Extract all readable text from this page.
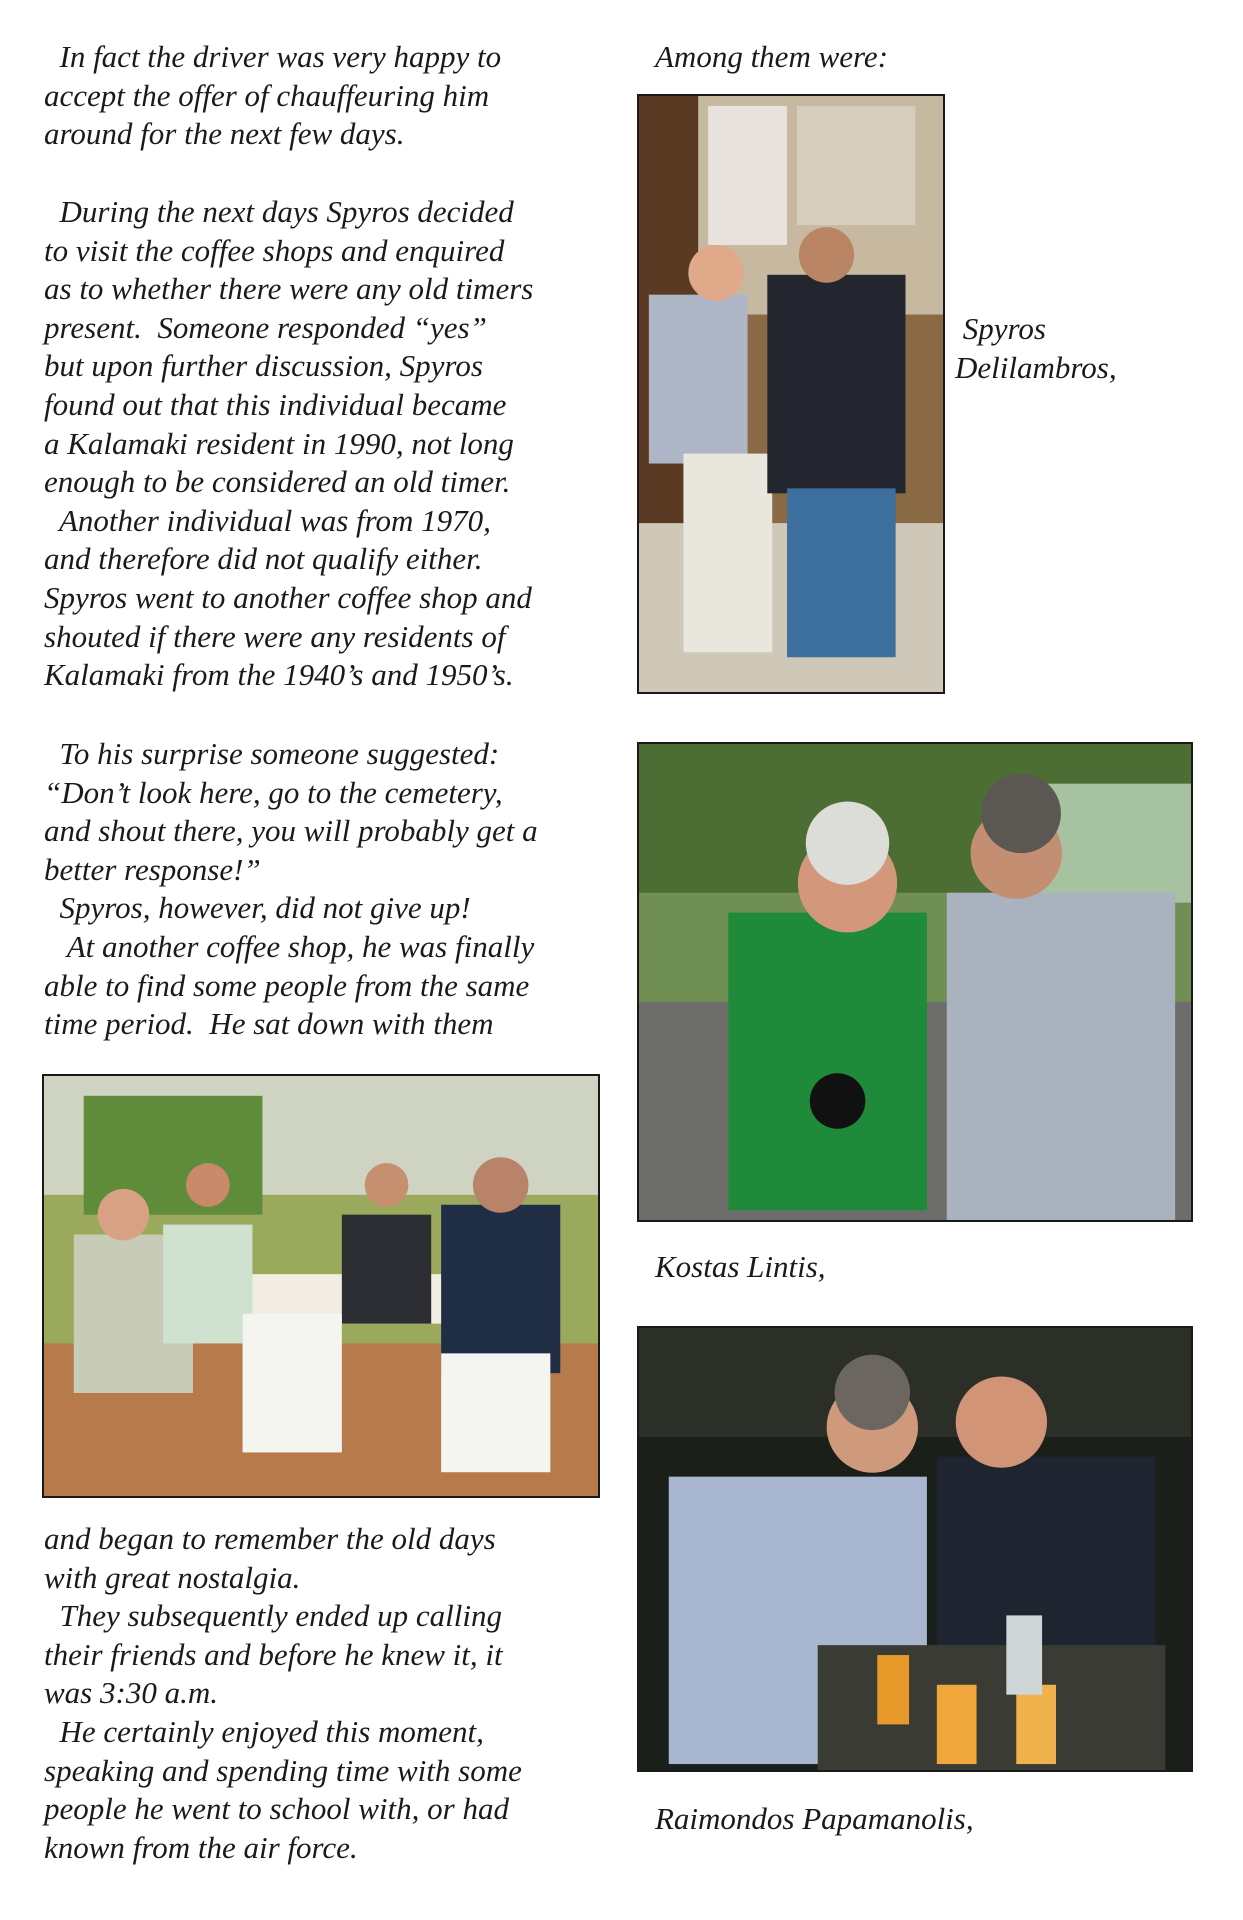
In fact the driver was very happy to
accept the offer of chauffeuring him
around for the next few days.

During the next days Spyros decided
to visit the coffee shops and enquired
as to whether there were any old timers
present.  Someone responded “yes”
but upon further discussion, Spyros
found out that this individual became
a Kalamaki resident in 1990, not long
enough to be considered an old timer.
Another individual was from 1970,
and therefore did not qualify either.
Spyros went to another coffee shop and
shouted if there were any residents of
Kalamaki from the 1940’s and 1950’s.

To his surprise someone suggested:
“Don’t look here, go to the cemetery,
and shout there, you will probably get a
better response!”
Spyros, however, did not give up!
At another coffee shop, he was finally
able to find some people from the same
time period.  He sat down with them

and began to remember the old days
with great nostalgia.
They subsequently ended up calling
their friends and before he knew it, it
was 3:30 a.m.
He certainly enjoyed this moment,
speaking and spending time with some
people he went to school with, or had
known from the air force.

Among them were:

Spyros
Delilambros,

Kostas Lintis,

Raimondos Papamanolis,
